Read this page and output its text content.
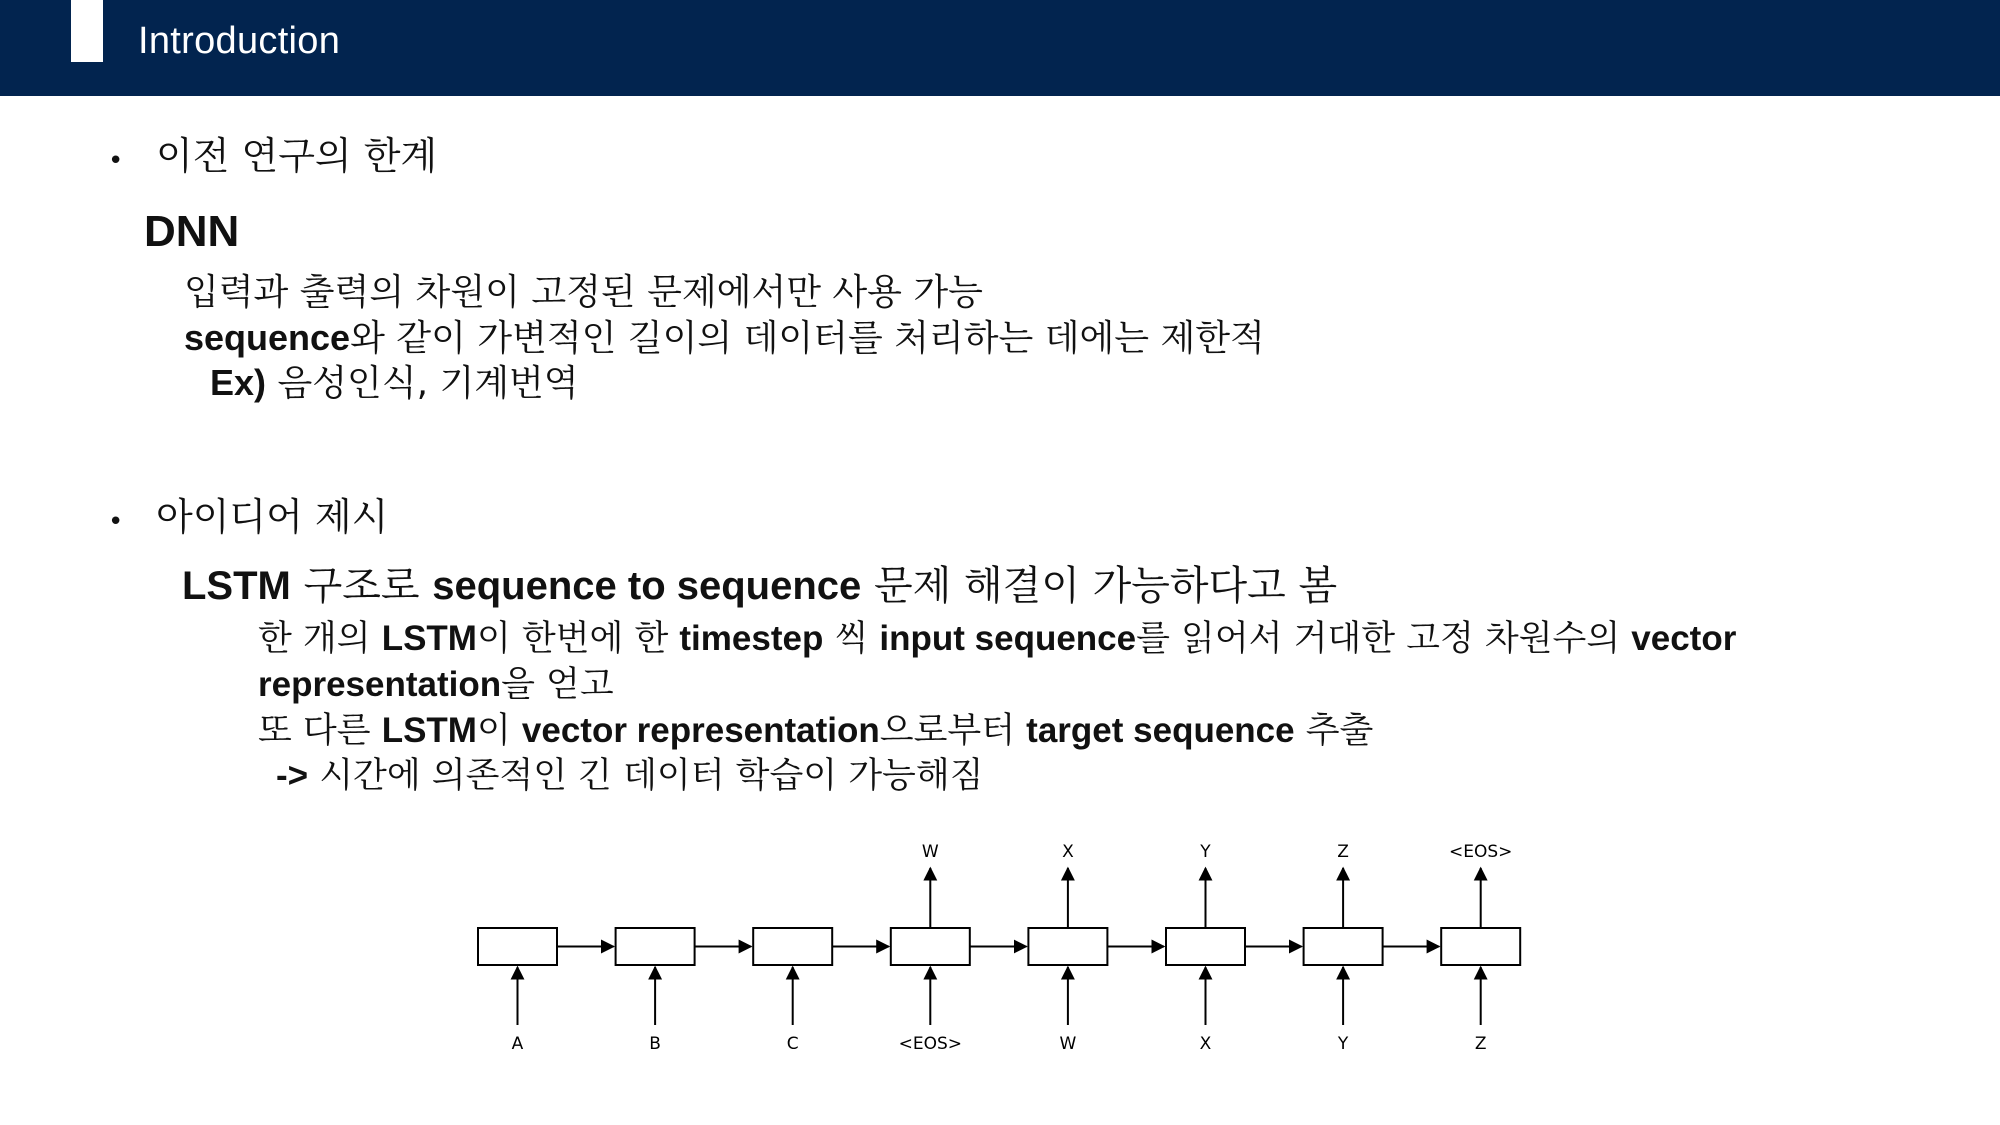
Introduction
• 이전 연구의 한계
DNN
입력과 출력의 차원이 고정된 문제에서만 사용 가능
sequence와 같이 가변적인 길이의 데이터를 처리하는 데에는 제한적
Ex) 음성인식, 기계번역
• 아이디어 제시
LSTM 구조로 sequence to sequence 문제 해결이 가능하다고 봄
한 개의 LSTM이 한번에 한 timestep 씩 input sequence를 읽어서 거대한 고정 차원수의 vector
representation을 얻고
또 다른 LSTM이 vector representation으로부터 target sequence 추출
-> 시간에 의존적인 긴 데이터 학습이 가능해짐
A	B	C	<EOS>
W
W
X
X
Y
Y
Z
Z
<EOS>
